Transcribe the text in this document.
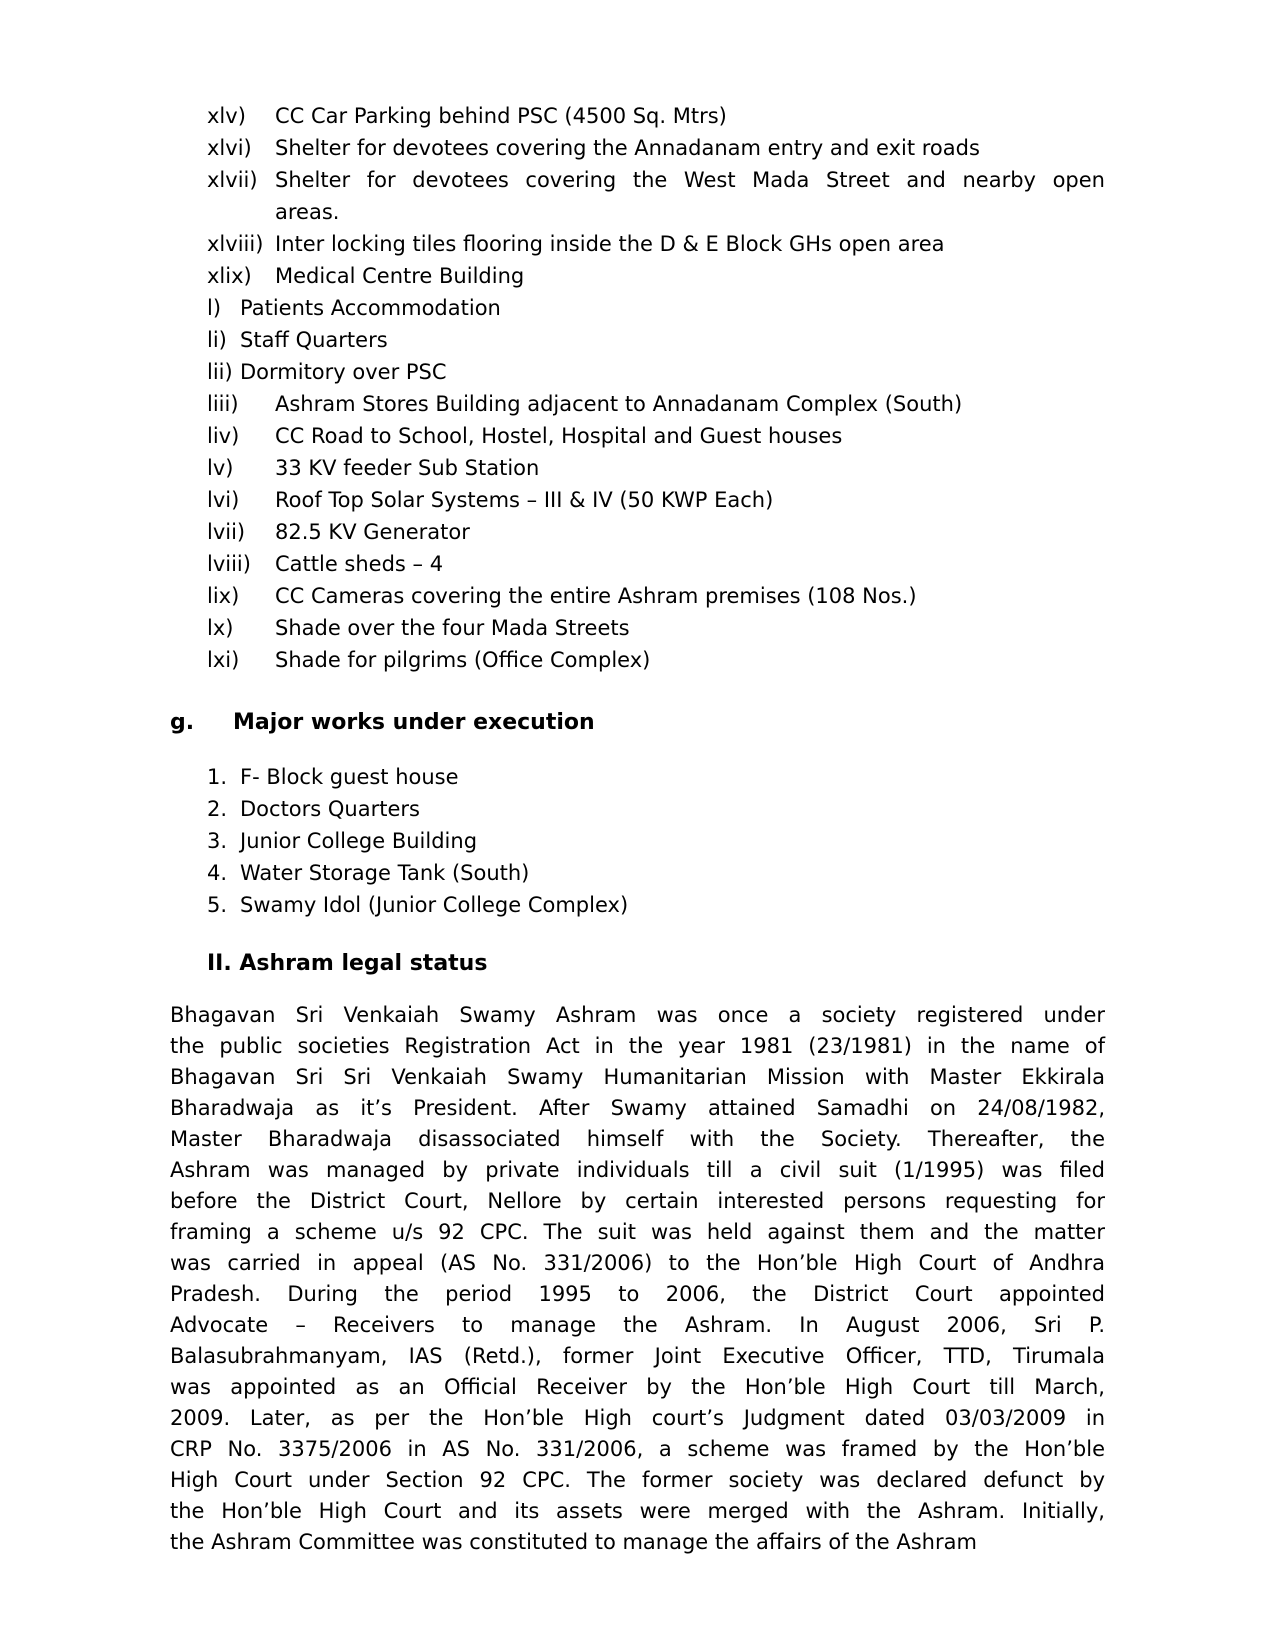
xlv)	CC Car Parking behind PSC (4500 Sq. Mtrs)
xlvi)	Shelter for devotees covering the Annadanam entry and exit roads
xlvii) Shelter for devotees covering the West Mada Street and nearby open
areas.
xlviii) Inter locking tiles flooring inside the D & E Block GHs open area
xlix)	Medical Centre Building
l) Patients Accommodation
li) Staff Quarters
lii) Dormitory over PSC
liii)	Ashram Stores Building adjacent to Annadanam Complex (South)
liv)	CC Road to School, Hostel, Hospital and Guest houses
lv)	33 KV feeder Sub Station
lvi)	Roof Top Solar Systems – III & IV (50 KWP Each)
lvii)	82.5 KV Generator
lviii)	Cattle sheds – 4
lix)	CC Cameras covering the entire Ashram premises (108 Nos.)
lx)	Shade over the four Mada Streets
lxi)	Shade for pilgrims (Office Complex)
g.	Major works under execution
1. F- Block guest house
2. Doctors Quarters
3. Junior College Building
4. Water Storage Tank (South)
5. Swamy Idol (Junior College Complex)
II. Ashram legal status
Bhagavan Sri Venkaiah Swamy Ashram was once a society registered under
the public societies Registration Act in the year 1981 (23/1981) in the name of
Bhagavan Sri Sri Venkaiah Swamy Humanitarian Mission with Master Ekkirala
Bharadwaja as it’s President. After Swamy attained Samadhi on 24/08/1982,
Master Bharadwaja disassociated himself with the Society. Thereafter, the
Ashram was managed by private individuals till a civil suit (1/1995) was filed
before the District Court, Nellore by certain interested persons requesting for
framing a scheme u/s 92 CPC. The suit was held against them and the matter
was carried in appeal (AS No. 331/2006) to the Hon’ble High Court of Andhra
Pradesh. During the period 1995 to 2006, the District Court appointed
Advocate – Receivers to manage the Ashram. In August 2006, Sri P.
Balasubrahmanyam, IAS (Retd.), former Joint Executive Officer, TTD, Tirumala
was appointed as an Official Receiver by the Hon’ble High Court till March,
2009. Later, as per the Hon’ble High court’s Judgment dated 03/03/2009 in
CRP No. 3375/2006 in AS No. 331/2006, a scheme was framed by the Hon’ble
High Court under Section 92 CPC. The former society was declared defunct by
the Hon’ble High Court and its assets were merged with the Ashram. Initially,
the Ashram Committee was constituted to manage the affairs of the Ashram
